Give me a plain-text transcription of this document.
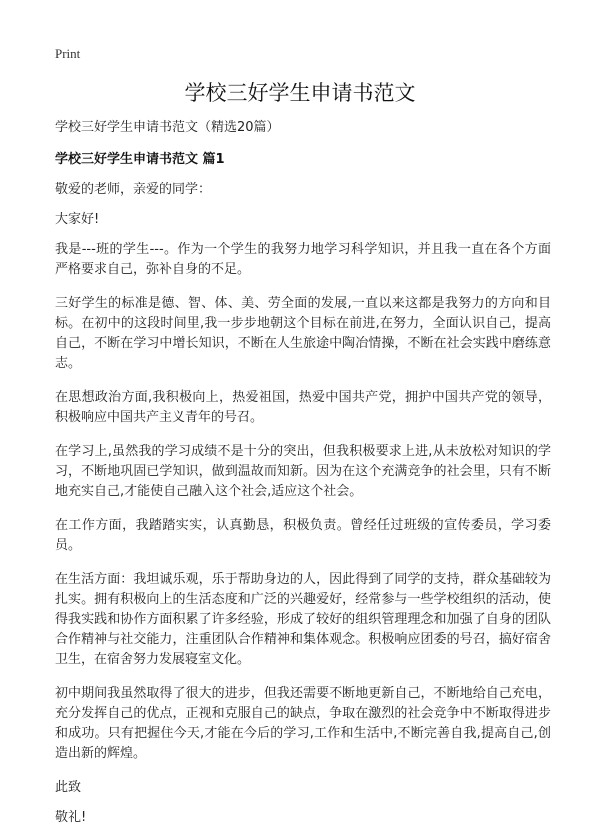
Print
学校三好学生申请书范文

学校三好学生申请书范文（精选20篇）

学校三好学生申请书范文 篇1

敬爱的老师，亲爱的同学：

大家好!

我是---班的学生---。作为一个学生的我努力地学习科学知识，并且我一直在各个方面严格要求自己，弥补自身的不足。

三好学生的标准是德、智、体、美、劳全面的发展,一直以来这都是我努力的方向和目标。在初中的这段时间里,我一步步地朝这个目标在前进,在努力，全面认识自己，提高自己，不断在学习中增长知识，不断在人生旅途中陶冶情操，不断在社会实践中磨练意志。

在思想政治方面,我积极向上，热爱祖国，热爱中国共产党，拥护中国共产党的领导，积极响应中国共产主义青年的号召。

在学习上,虽然我的学习成绩不是十分的突出，但我积极要求上进,从未放松对知识的学习，不断地巩固已学知识，做到温故而知新。因为在这个充满竞争的社会里，只有不断地充实自己,才能使自己融入这个社会,适应这个社会。

在工作方面，我踏踏实实，认真勤恳，积极负责。曾经任过班级的宣传委员，学习委员。

在生活方面：我坦诚乐观，乐于帮助身边的人，因此得到了同学的支持，群众基础较为扎实。拥有积极向上的生活态度和广泛的兴趣爱好，经常参与一些学校组织的活动，使得我实践和协作方面积累了许多经验，形成了较好的组织管理理念和加强了自身的团队合作精神与社交能力，注重团队合作精神和集体观念。积极响应团委的号召，搞好宿舍卫生，在宿舍努力发展寝室文化。

初中期间我虽然取得了很大的进步，但我还需要不断地更新自己，不断地给自己充电，充分发挥自己的优点，正视和克服自己的缺点，争取在激烈的社会竞争中不断取得进步和成功。只有把握住今天,才能在今后的学习,工作和生活中,不断完善自我,提高自己,创造出新的辉煌。

此致

敬礼!
